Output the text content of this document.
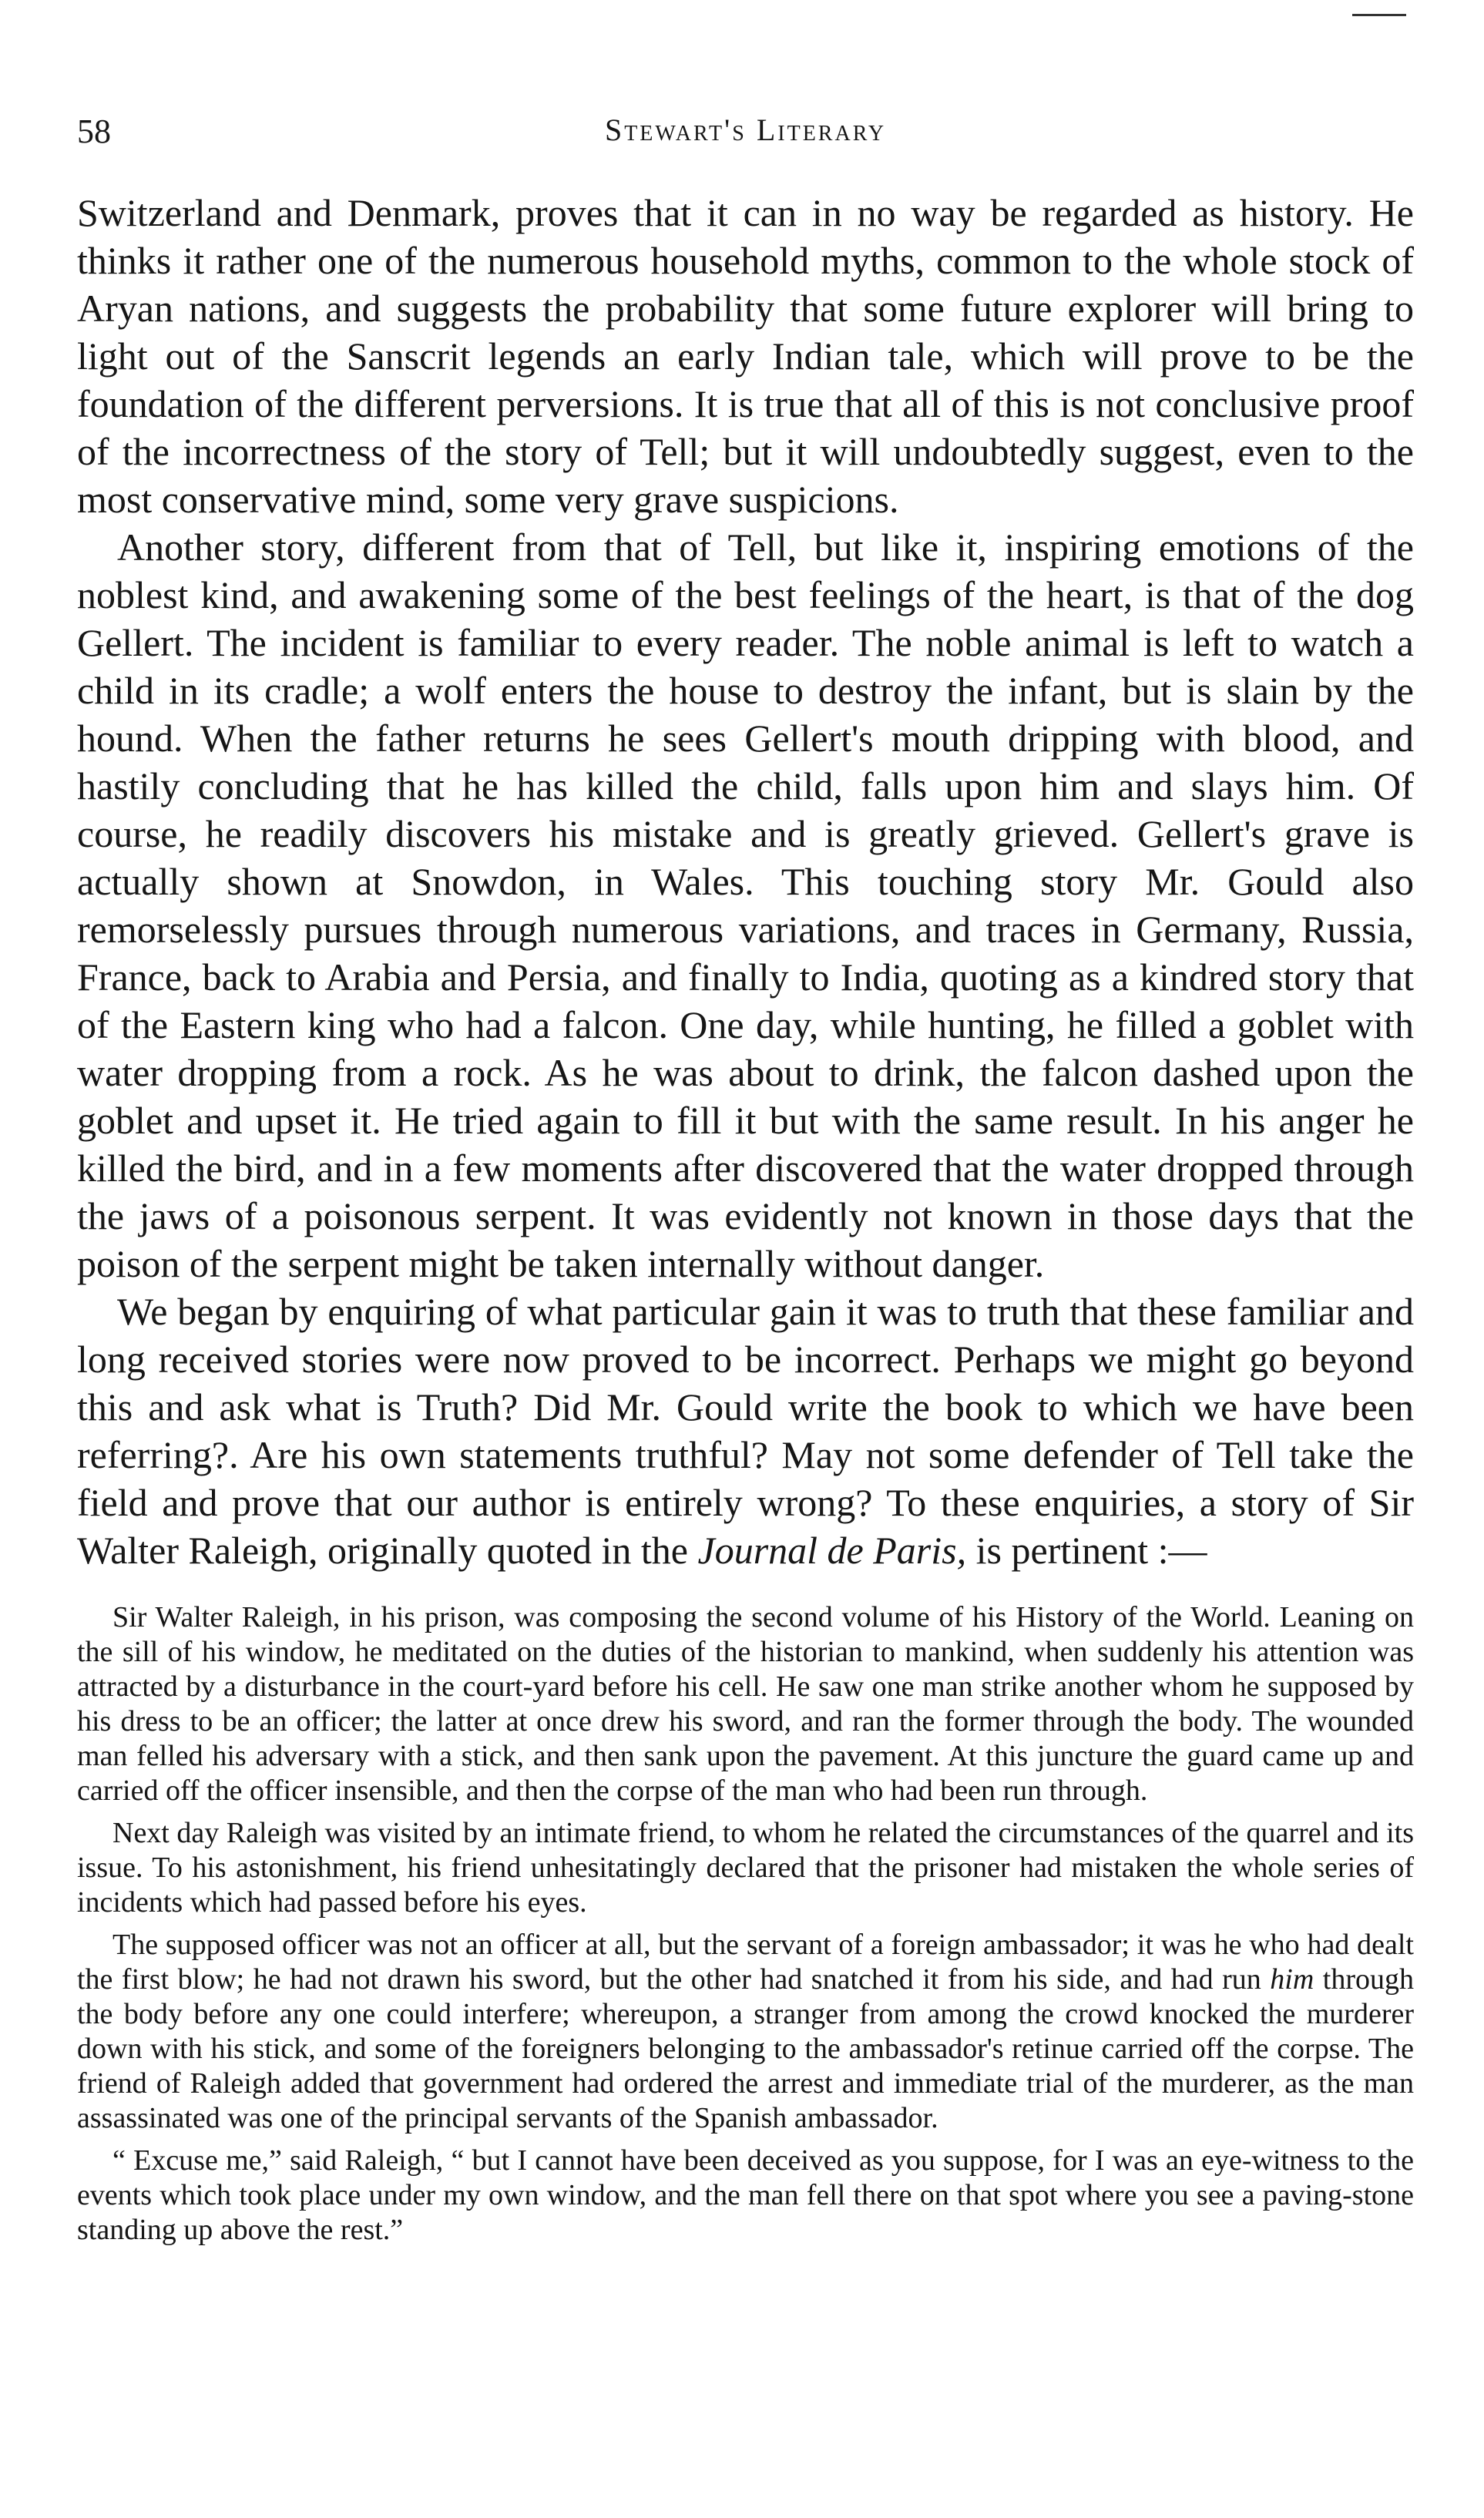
58	Stewart's Literary

Switzerland and Denmark, proves that it can in no way be regarded as history. He thinks it rather one of the numerous household myths, common to the whole stock of Aryan nations, and suggests the probability that some future explorer will bring to light out of the Sanscrit legends an early Indian tale, which will prove to be the foundation of the different perversions. It is true that all of this is not conclusive proof of the incorrectness of the story of Tell; but it will undoubtedly suggest, even to the most conservative mind, some very grave suspicions.

Another story, different from that of Tell, but like it, inspiring emotions of the noblest kind, and awakening some of the best feelings of the heart, is that of the dog Gellert. The incident is familiar to every reader. The noble animal is left to watch a child in its cradle; a wolf enters the house to destroy the infant, but is slain by the hound. When the father returns he sees Gellert's mouth dripping with blood, and hastily concluding that he has killed the child, falls upon him and slays him. Of course, he readily discovers his mistake and is greatly grieved. Gellert's grave is actually shown at Snowdon, in Wales. This touching story Mr. Gould also remorselessly pursues through numerous variations, and traces in Germany, Russia, France, back to Arabia and Persia, and finally to India, quoting as a kindred story that of the Eastern king who had a falcon. One day, while hunting, he filled a goblet with water dropping from a rock. As he was about to drink, the falcon dashed upon the goblet and upset it. He tried again to fill it but with the same result. In his anger he killed the bird, and in a few moments after discovered that the water dropped through the jaws of a poisonous serpent. It was evidently not known in those days that the poison of the serpent might be taken internally without danger.

We began by enquiring of what particular gain it was to truth that these familiar and long received stories were now proved to be incorrect. Perhaps we might go beyond this and ask what is Truth? Did Mr. Gould write the book to which we have been referring?. Are his own statements truthful? May not some defender of Tell take the field and prove that our author is entirely wrong? To these enquiries, a story of Sir Walter Raleigh, originally quoted in the Journal de Paris, is pertinent :—

Sir Walter Raleigh, in his prison, was composing the second volume of his History of the World. Leaning on the sill of his window, he meditated on the duties of the historian to mankind, when suddenly his attention was attracted by a disturbance in the court-yard before his cell. He saw one man strike another whom he supposed by his dress to be an officer; the latter at once drew his sword, and ran the former through the body. The wounded man felled his adversary with a stick, and then sank upon the pavement. At this juncture the guard came up and carried off the officer insensible, and then the corpse of the man who had been run through.

Next day Raleigh was visited by an intimate friend, to whom he related the circumstances of the quarrel and its issue. To his astonishment, his friend unhesitatingly declared that the prisoner had mistaken the whole series of incidents which had passed before his eyes.

The supposed officer was not an officer at all, but the servant of a foreign ambassador; it was he who had dealt the first blow; he had not drawn his sword, but the other had snatched it from his side, and had run him through the body before any one could interfere; whereupon, a stranger from among the crowd knocked the murderer down with his stick, and some of the foreigners belonging to the ambassador's retinue carried off the corpse. The friend of Raleigh added that government had ordered the arrest and immediate trial of the murderer, as the man assassinated was one of the principal servants of the Spanish ambassador.

“ Excuse me,” said Raleigh, “ but I cannot have been deceived as you suppose, for I was an eye-witness to the events which took place under my own window, and the man fell there on that spot where you see a paving-stone standing up above the rest.”
